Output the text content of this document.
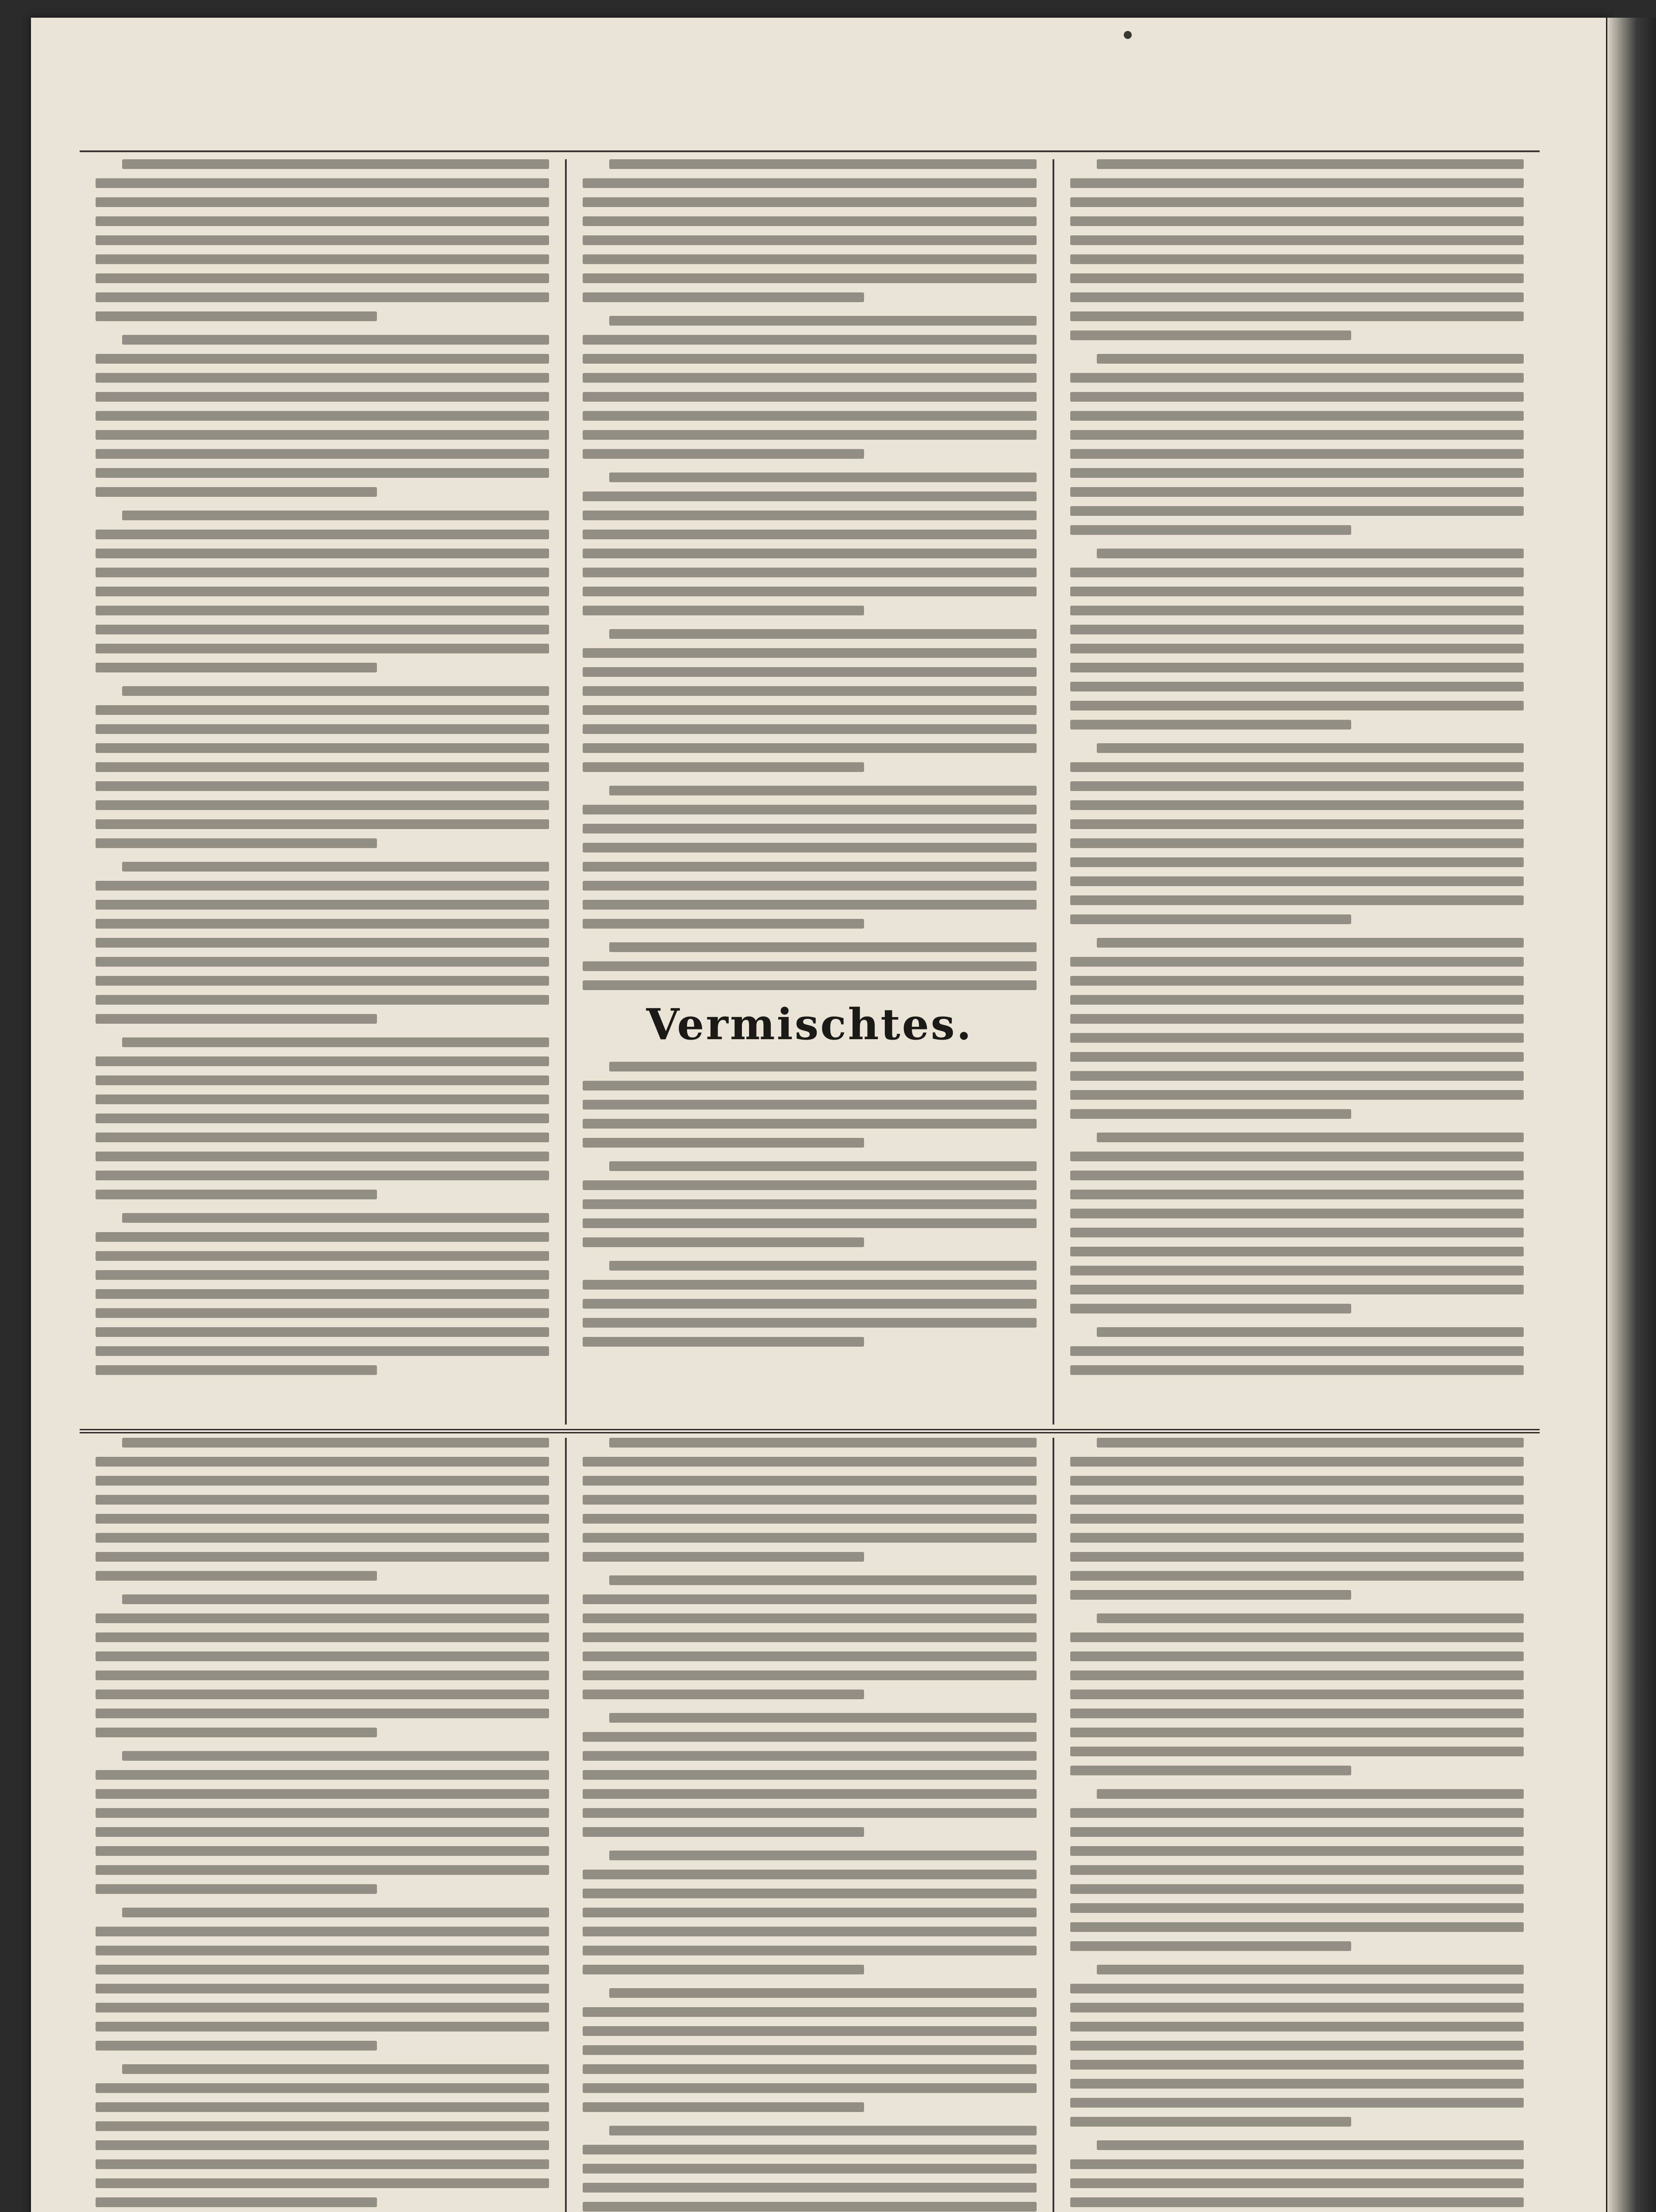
Vermischtes.
